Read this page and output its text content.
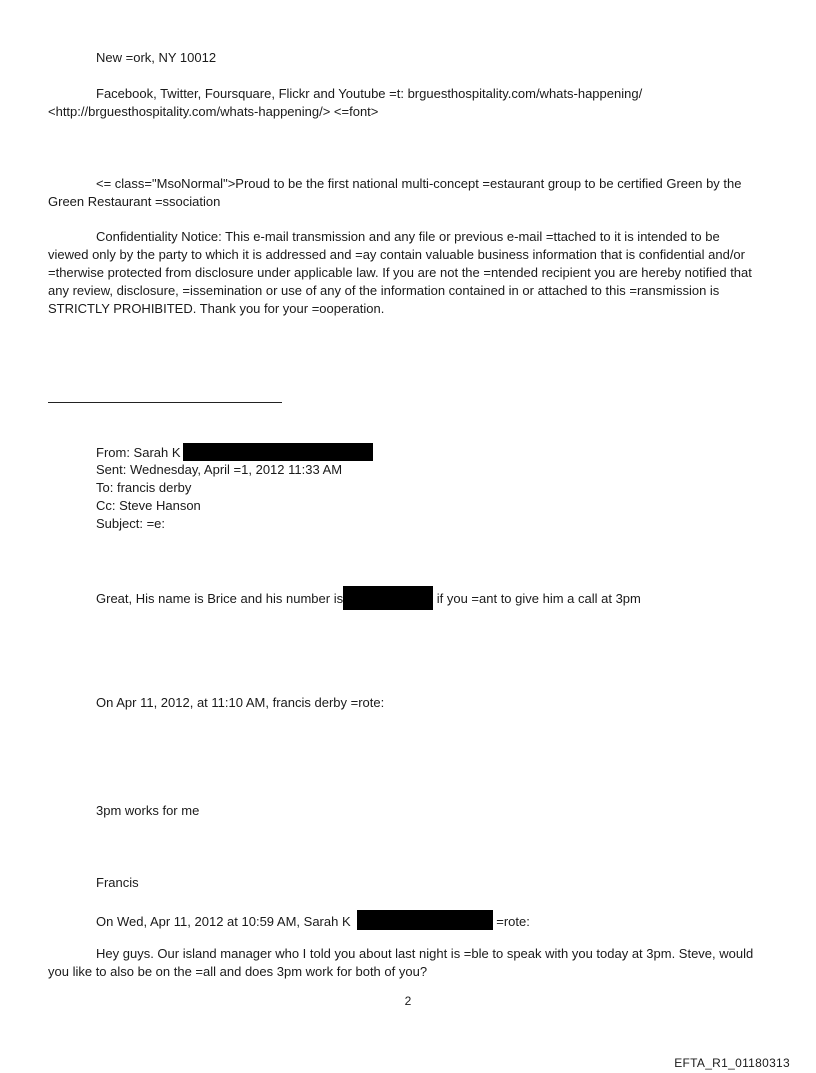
New =ork, NY 10012
Facebook, Twitter, Foursquare, Flickr and Youtube =t: brguesthospitality.com/whats-happening/
<http://brguesthospitality.com/whats-happening/> <=font>
<= class="MsoNormal">Proud to be the first national multi-concept =estaurant group to be certified Green by the Green Restaurant =ssociation
Confidentiality Notice: This e-mail transmission and any file or previous e-mail =ttached to it is intended to be viewed only by the party to which it is addressed and =ay contain valuable business information that is confidential and/or =therwise protected from disclosure under applicable law. If you are not the =ntended recipient you are hereby notified that any review, disclosure, =issemination or use of any of the information contained in or attached to this =ransmission is STRICTLY PROHIBITED. Thank you for your =ooperation.
From: Sarah K
Sent: Wednesday, April =1, 2012 11:33 AM
To: francis derby
Cc: Steve Hanson
Subject: =e:
Great, His name is Brice and his number is	if you =ant to give him a call at 3pm
On Apr 11, 2012, at 11:10 AM, francis derby =rote:
3pm works for me
Francis
On Wed, Apr 11, 2012 at 10:59 AM, Sarah K	=rote:
Hey guys. Our island manager who I told you about last night is =ble to speak with you today at 3pm. Steve, would you like to also be on the =all and does 3pm work for both of you?
2
EFTA_R1_01180313
